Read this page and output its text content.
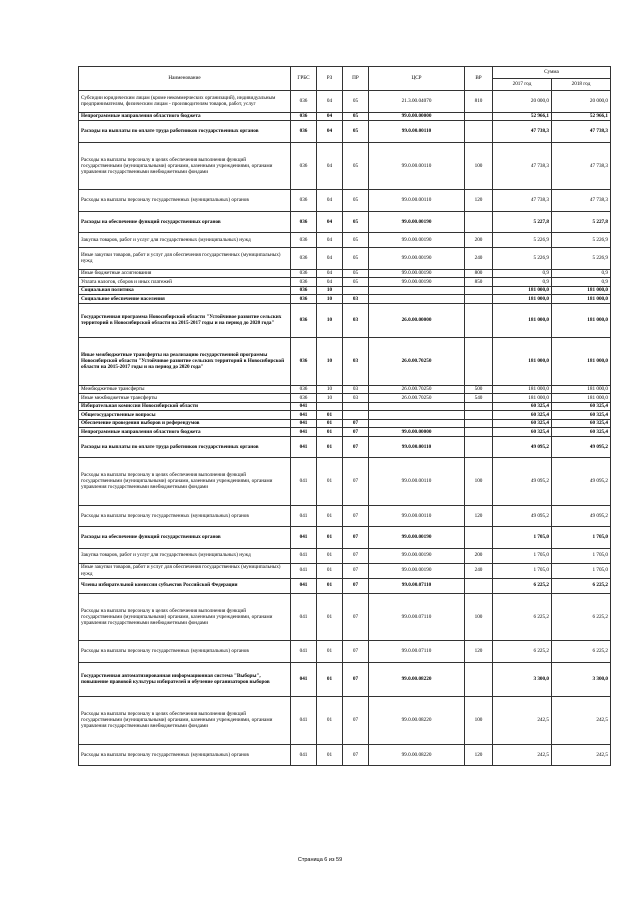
Наименование	ГРБС	РЗ	ПР	ЦСР	ВР	Сумма	
						2017 год	2018 год
Субсидии юридическим лицам (кроме некоммерческих организаций), индивидуальным предпринимателям, физическим лицам - производителям товаров, работ, услуг	036	04	05	21.3.00.04070	810	20 000,0	20 000,0
Непрограммные направления областного бюджета	036	04	05	99.0.00.00000		52 966,1	52 966,1
Расходы на выплаты по оплате труда работников государственных органов	036	04	05	99.0.00.00110		47 738,3	47 738,3
Расходы на выплаты персоналу в целях обеспечения выполнения функций государственными (муниципальными) органами, казенными учреждениями, органами управления государственными внебюджетными фондами	036	04	05	99.0.00.00110	100	47 738,3	47 738,3
Расходы на выплаты персоналу государственных (муниципальных) органов	036	04	05	99.0.00.00110	120	47 738,3	47 738,3
Расходы на обеспечение функций государственных органов	036	04	05	99.0.00.00190		5 227,8	5 227,8
Закупка товаров, работ и услуг для государственных (муниципальных) нужд	036	04	05	99.0.00.00190	200	5 226,9	5 226,9
Иные закупки товаров, работ и услуг для обеспечения государственных (муниципальных) нужд	036	04	05	99.0.00.00190	240	5 226,9	5 226,9
Иные бюджетные ассигнования	036	04	05	99.0.00.00190	800	0,9	0,9
Уплата налогов, сборов и иных платежей	036	04	05	99.0.00.00190	850	0,9	0,9
Социальная политика	036	10				181 000,0	181 000,0
Социальное обеспечение населения	036	10	03			181 000,0	181 000,0
Государственная программа Новосибирской области "Устойчивое развитие сельских территорий в Новосибирской области на 2015-2017 годы и на период до 2020 года"	036	10	03	26.0.00.00000		181 000,0	181 000,0
Иные межбюджетные трансферты на реализацию государственной программы Новосибирской области "Устойчивое развитие сельских территорий в Новосибирской области на 2015-2017 годы и на период до 2020 года"	036	10	03	26.0.00.70250		181 000,0	181 000,0
Межбюджетные трансферты	036	10	03	26.0.00.70250	500	181 000,0	181 000,0
Иные межбюджетные трансферты	036	10	03	26.0.00.70250	540	181 000,0	181 000,0
Избирательная комиссия Новосибирской области	041					60 325,4	60 325,4
Общегосударственные вопросы	041	01				60 325,4	60 325,4
Обеспечение проведения выборов и референдумов	041	01	07			60 325,4	60 325,4
Непрограммные направления областного бюджета	041	01	07	99.0.00.00000		60 325,4	60 325,4
Расходы на выплаты по оплате труда работников государственных органов	041	01	07	99.0.00.00110		49 095,2	49 095,2
Расходы на выплаты персоналу в целях обеспечения выполнения функций государственными (муниципальными) органами, казенными учреждениями, органами управления государственными внебюджетными фондами	041	01	07	99.0.00.00110	100	49 095,2	49 095,2
Расходы на выплаты персоналу государственных (муниципальных) органов	041	01	07	99.0.00.00110	120	49 095,2	49 095,2
Расходы на обеспечение функций государственных органов	041	01	07	99.0.00.00190		1 705,0	1 705,0
Закупка товаров, работ и услуг для государственных (муниципальных) нужд	041	01	07	99.0.00.00190	200	1 705,0	1 705,0
Иные закупки товаров, работ и услуг для обеспечения государственных (муниципальных) нужд	041	01	07	99.0.00.00190	240	1 705,0	1 705,0
Члены избирательной комиссии субъектов Российской Федерации	041	01	07	99.0.00.07110		6 225,2	6 225,2
Расходы на выплаты персоналу в целях обеспечения выполнения функций государственными (муниципальными) органами, казенными учреждениями, органами управления государственными внебюджетными фондами	041	01	07	99.0.00.07110	100	6 225,2	6 225,2
Расходы на выплаты персоналу государственных (муниципальных) органов	041	01	07	99.0.00.07110	120	6 225,2	6 225,2
Государственная автоматизированная информационная система "Выборы", повышение правовой культуры избирателей и обучение организаторов выборов	041	01	07	99.0.00.08220		3 300,0	3 300,0
Расходы на выплаты персоналу в целях обеспечения выполнения функций государственными (муниципальными) органами, казенными учреждениями, органами управления государственными внебюджетными фондами	041	01	07	99.0.00.08220	100	242,5	242,5
Расходы на выплаты персоналу государственных (муниципальных) органов	041	01	07	99.0.00.08220	120	242,5	242,5
Страница 6 из 59
